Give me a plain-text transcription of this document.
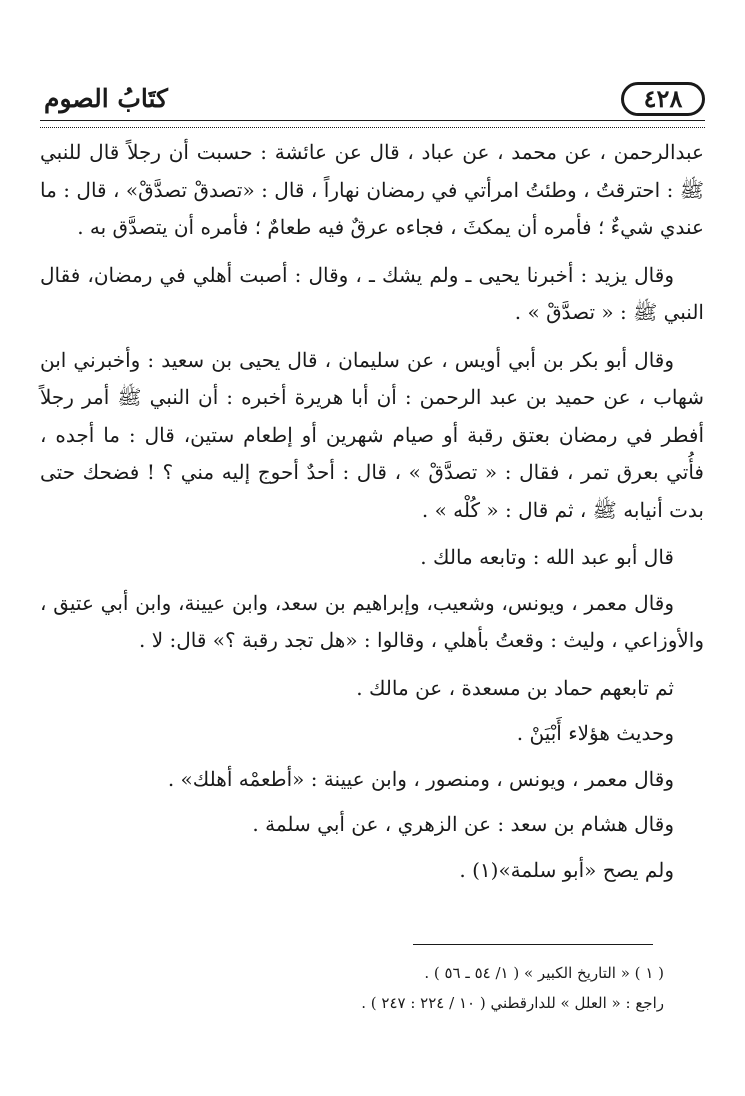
٤٢٨
كتَابُ الصوم

عبدالرحمن ، عن محمد ، عن عباد ، قال عن عائشة : حسبت أن رجلاً قال للنبي ﷺ : احترقتُ ، وطئتُ امرأتي في رمضان نهاراً ، قال : «تصدقْ تصدَّقْ» ، قال : ما عندي شيءٌ ؛ فأمره أن يمكثَ ، فجاءه عرقٌ فيه طعامٌ ؛ فأمره أن يتصدَّق به .

وقال يزيد : أخبرنا يحيى ـ ولم يشك ـ ، وقال : أصبت أهلي في رمضان، فقال النبي ﷺ : « تصدَّقْ » .

وقال أبو بكر بن أبي أويس ، عن سليمان ، قال يحيى بن سعيد : وأخبرني ابن شهاب ، عن حميد بن عبد الرحمن : أن أبا هريرة أخبره : أن النبي ﷺ أمر رجلاً أفطر في رمضان بعتق رقبة أو صيام شهرين أو إطعام ستين، قال : ما أجده ، فأُتي بعرق تمر ، فقال : « تصدَّقْ » ، قال : أحدٌ أحوج إليه مني ؟ ! فضحك حتى بدت أنيابه ﷺ ، ثم قال : « كُلْه » .

قال أبو عبد الله : وتابعه مالك .

وقال معمر ، ويونس، وشعيب، وإبراهيم بن سعد، وابن عيينة، وابن أبي عتيق ، والأوزاعي ، وليث : وقعتُ بأهلي ، وقالوا : «هل تجد رقبة ؟» قال: لا .

ثم تابعهم حماد بن مسعدة ، عن مالك .

وحديث هؤلاء أَبْيَنْ .

وقال معمر ، ويونس ، ومنصور ، وابن عيينة : «أطعمْه أهلك» .

وقال هشام بن سعد : عن الزهري ، عن أبي سلمة .

ولم يصح «أبو سلمة»(١) .

( ١ ) « التاريخ الكبير » ( ١/ ٥٤ ـ ٥٦ ) .
راجع : « العلل » للدارقطني ( ١٠ / ٢٢٤ : ٢٤٧ ) .
